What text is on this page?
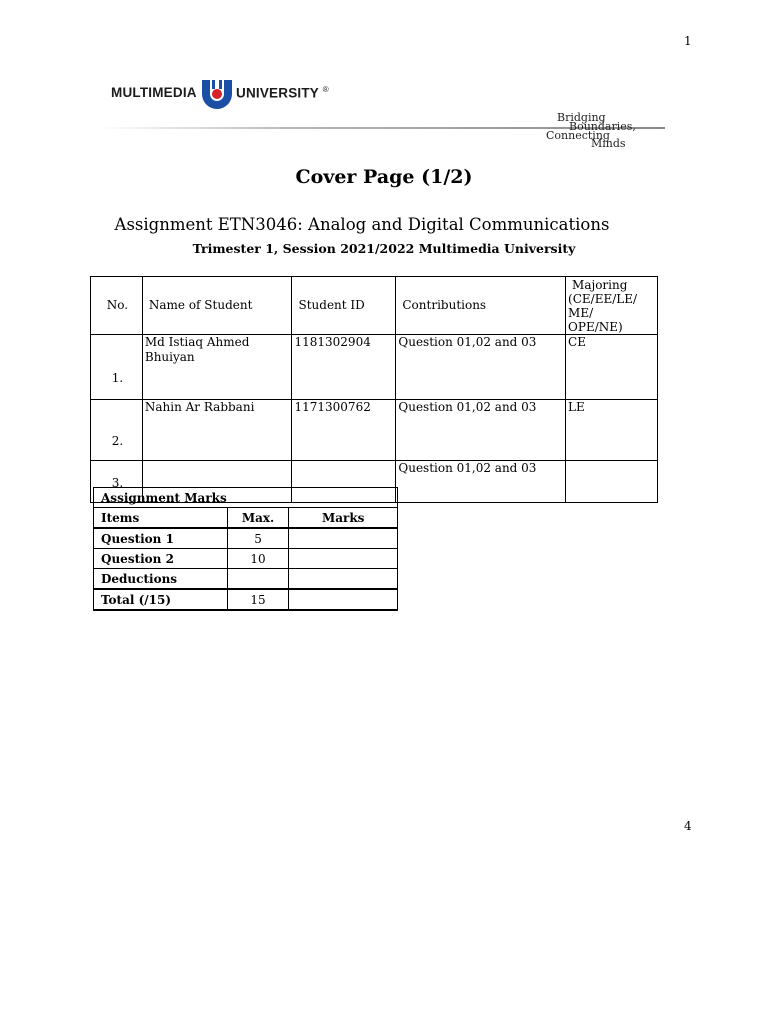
1
MULTIMEDIA	UNIVERSITY ®
Bridging
Boundaries,
Connecting
Minds
Cover Page (1/2)
Assignment ETN3046: Analog and Digital Communications
Trimester 1, Session 2021/2022 Multimedia University
No.	Name of Student	Student ID	Contributions	Majoring
(CE/EE/LE/
ME/
OPE/NE)

1.	Md Istiaq Ahmed Bhuiyan	1181302904	Question 01,02 and 03	CE
2.	Nahin Ar Rabbani	1171300762	Question 01,02 and 03	LE
3.			Question 01,02 and 03	
Assignment Marks		
Items	Max.	Marks
Question 1	5	
Question 2	10	
Deductions		
Total (/15)	15	
4
